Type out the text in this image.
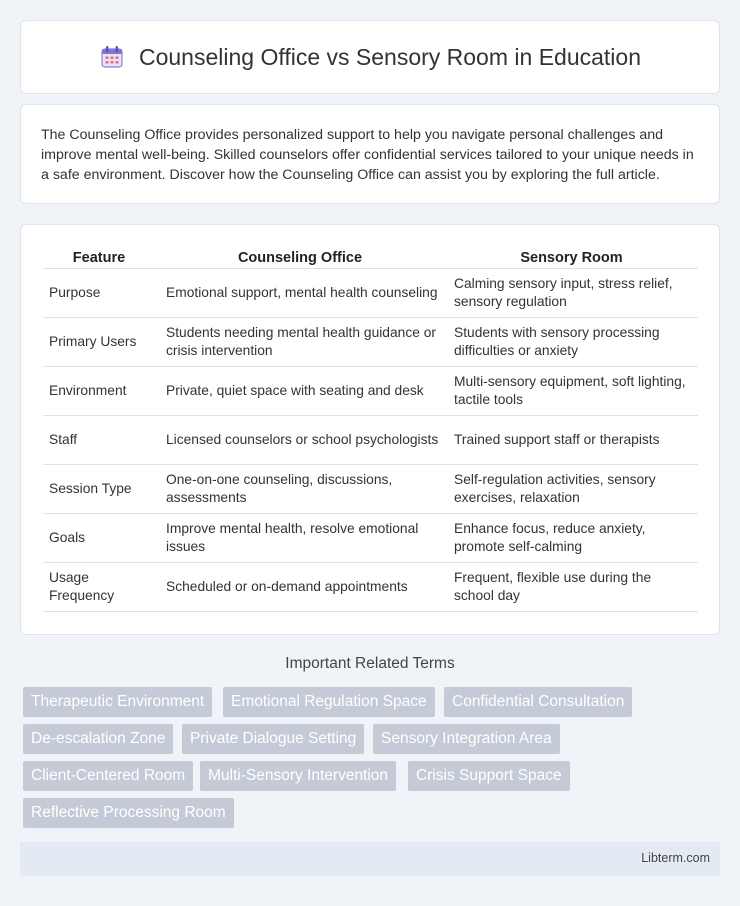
Counseling Office vs Sensory Room in Education

The Counseling Office provides personalized support to help you navigate personal challenges and improve mental well-being. Skilled counselors offer confidential services tailored to your unique needs in a safe environment. Discover how the Counseling Office can assist you by exploring the full article.

Feature	Counseling Office	Sensory Room
Purpose	Emotional support, mental health counseling	Calming sensory input, stress relief, sensory regulation
Primary Users	Students needing mental health guidance or crisis intervention	Students with sensory processing difficulties or anxiety
Environment	Private, quiet space with seating and desk	Multi-sensory equipment, soft lighting, tactile tools
Staff	Licensed counselors or school psychologists	Trained support staff or therapists
Session Type	One-on-one counseling, discussions, assessments	Self-regulation activities, sensory exercises, relaxation
Goals	Improve mental health, resolve emotional issues	Enhance focus, reduce anxiety, promote self-calming
Usage Frequency	Scheduled or on-demand appointments	Frequent, flexible use during the school day
Important Related Terms
Therapeutic Environment	Emotional Regulation Space	Confidential Consultation
De-escalation Zone	Private Dialogue Setting	Sensory Integration Area
Client-Centered Room	Multi-Sensory Intervention	Crisis Support Space
Reflective Processing Room
Libterm.com
